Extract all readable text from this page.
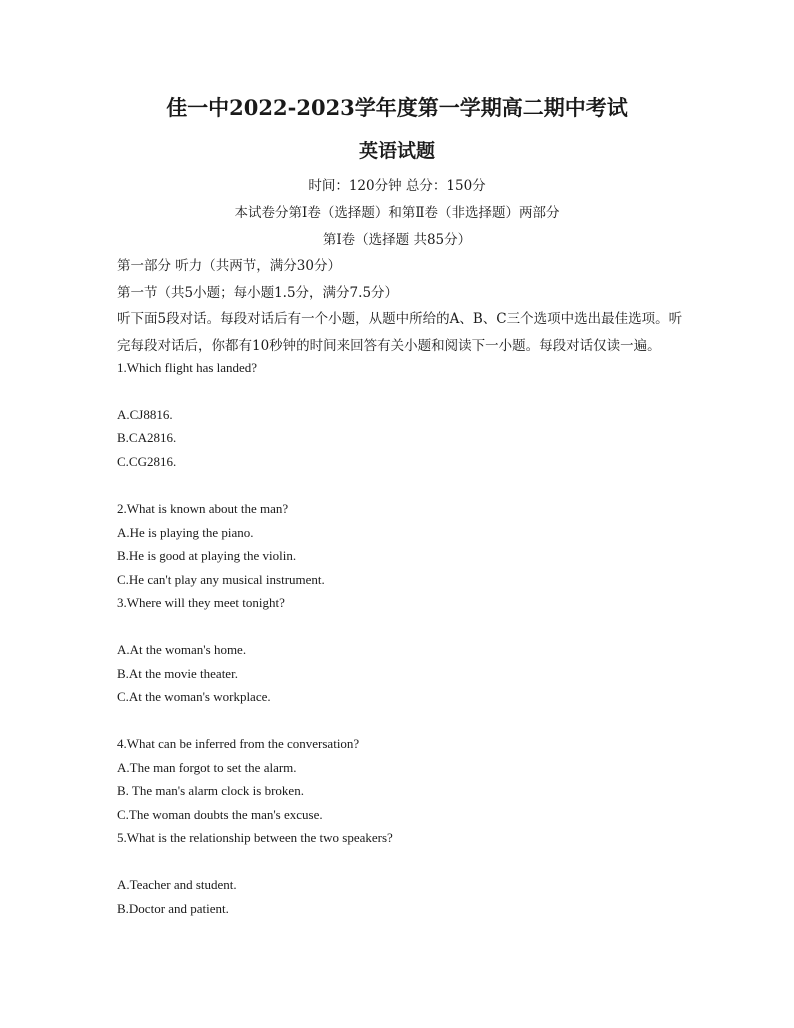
佳一中2022-2023学年度第一学期高二期中考试
英语试题
时间：120分钟 总分：150分
本试卷分第Ⅰ卷（选择题）和第Ⅱ卷（非选择题）两部分
第Ⅰ卷（选择题 共85分）
第一部分 听力（共两节，满分30分）
第一节（共5小题；每小题1.5分，满分7.5分）
听下面5段对话。每段对话后有一个小题，从题中所给的A、B、C三个选项中选出最佳选项。听
完每段对话后，你都有10秒钟的时间来回答有关小题和阅读下一小题。每段对话仅读一遍。
1.Which flight has landed?
A.CJ8816.
B.CA2816.
C.CG2816.
2.What is known about the man?
A.He is playing the piano.
B.He is good at playing the violin.
C.He can't play any musical instrument.
3.Where will they meet tonight?
A.At the woman's home.
B.At the movie theater.
C.At the woman's workplace.
4.What can be inferred from the conversation?
A.The man forgot to set the alarm.
B. The man's alarm clock is broken.
C.The woman doubts the man's excuse.
5.What is the relationship between the two speakers?
A.Teacher and student.
B.Doctor and patient.
